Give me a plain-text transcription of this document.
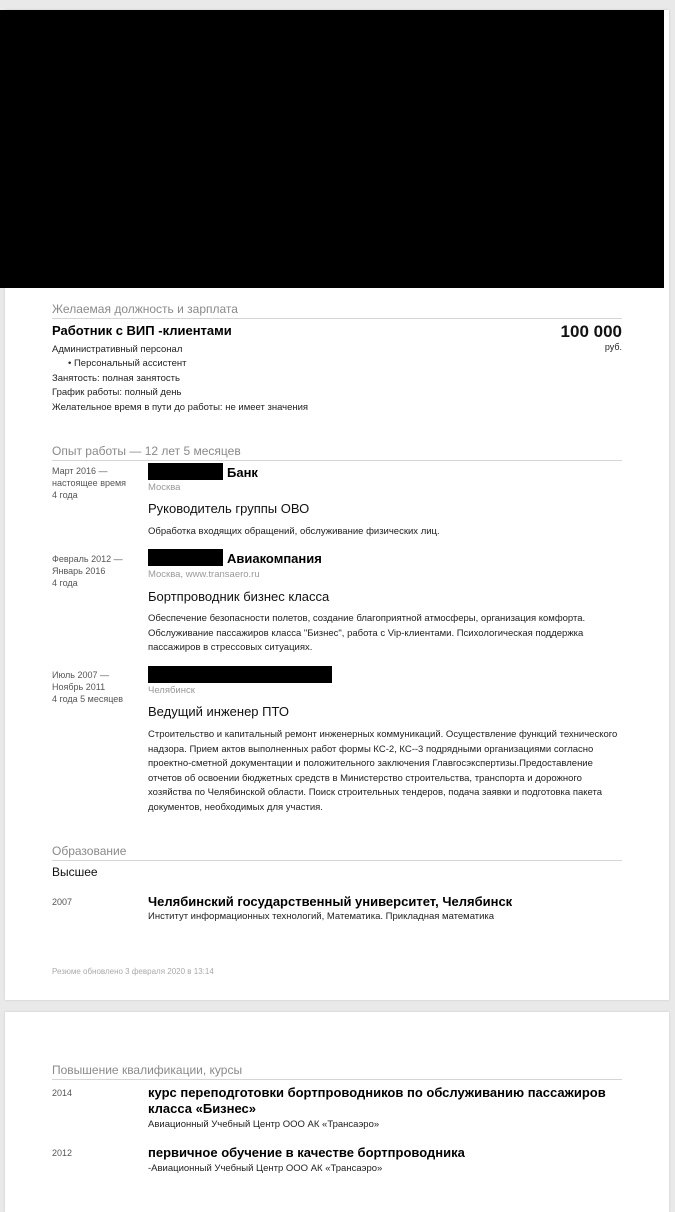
Желаемая должность и зарплата
Работник с ВИП -клиентами	100 000
руб.
Административный персонал
• Персональный ассистент
Занятость: полная занятость
График работы: полный день
Желательное время в пути до работы: не имеет значения
Опыт работы — 12 лет 5 месяцев
Март 2016 —
настоящее время
4 года
Банк
Москва
Руководитель группы ОВО
Обработка входящих обращений, обслуживание физических лиц.
Февраль 2012 —
Январь 2016
4 года
Авиакомпания
Москва, www.transaero.ru
Бортпроводник бизнес класса
Обеспечение безопасности полетов, создание благоприятной атмосферы, организация комфорта. Обслуживание пассажиров класса "Бизнес", работа с Vip-клиентами. Психологическая поддержка пассажиров в стрессовых ситуациях.
Июль 2007 —
Ноябрь 2011
4 года 5 месяцев
Челябинск
Ведущий инженер ПТО
Строительство и капитальный ремонт инженерных коммуникаций. Осуществление функций технического надзора. Прием актов выполненных работ формы КС-2, КС--3 подрядными организациями согласно проектно-сметной документации и положительного заключения Главгосэкспертизы.Предоставление отчетов об освоении бюджетных средств в Министерство строительства, транспорта и дорожного хозяйства по Челябинской области. Поиск строительных тендеров, подача заявки и подготовка пакета документов, необходимых для участия.
Образование
Высшее
2007	Челябинский государственный университет, Челябинск
Институт информационных технологий, Математика. Прикладная математика
Резюме обновлено 3 февраля 2020 в 13:14
Повышение квалификации, курсы
2014	курс переподготовки бортпроводников по обслуживанию пассажиров класса «Бизнес»
Авиационный Учебный Центр ООО АК «Трансаэро»
2012	первичное обучение в качестве бортпроводника
-Авиационный Учебный Центр ООО АК «Трансаэро»
